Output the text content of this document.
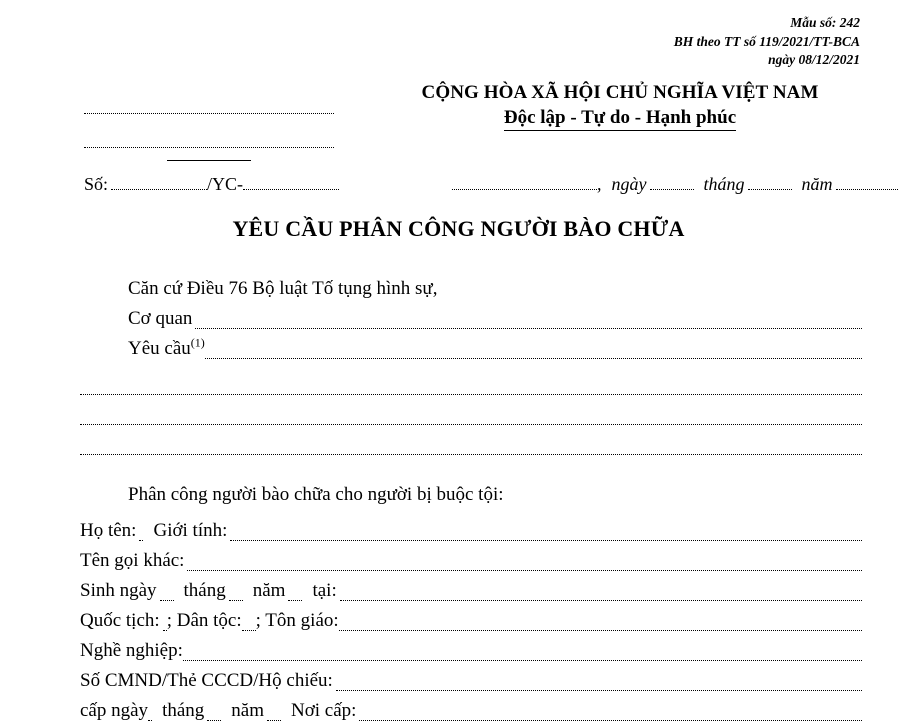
Mẫu số: 242
BH theo TT số 119/2021/TT-BCA
ngày 08/12/2021
CỘNG HÒA XÃ HỘI CHỦ NGHĨA VIỆT NAM
Độc lập - Tự do - Hạnh phúc
Số:	/YC-	, ngày	tháng	năm
YÊU CẦU PHÂN CÔNG NGƯỜI BÀO CHỮA
Căn cứ Điều 76 Bộ luật Tố tụng hình sự,
Cơ quan
Yêu cầu$^{(1)}$
Phân công người bào chữa cho người bị buộc tội:
Họ tên: Giới tính:
Tên gọi khác:
Sinh ngày	tháng	năm	tại:
Quốc tịch: ; Dân tộc: ; Tôn giáo:
Nghề nghiệp:
Số CMND/Thẻ CCCD/Hộ chiếu:
cấp ngày tháng	năm	Nơi cấp:
